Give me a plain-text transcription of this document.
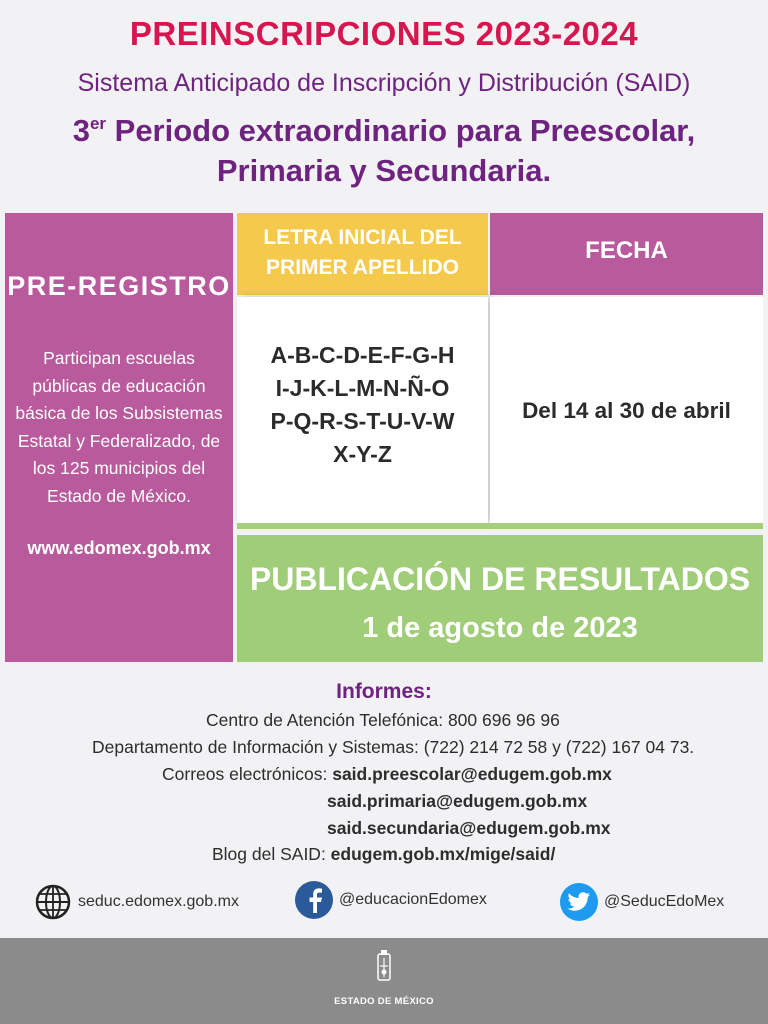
PREINSCRIPCIONES 2023-2024
Sistema Anticipado de Inscripción y Distribución (SAID)
3er Periodo extraordinario para Preescolar,
Primaria y Secundaria.
PRE-REGISTRO
Participan escuelas
públicas de educación
básica de los Subsistemas
Estatal y Federalizado, de
los 125 municipios del
Estado de México.
www.edomex.gob.mx
LETRA INICIAL DEL
PRIMER APELLIDO
FECHA
A-B-C-D-E-F-G-H
I-J-K-L-M-N-Ñ-O
P-Q-R-S-T-U-V-W
X-Y-Z
Del 14 al 30 de abril
PUBLICACIÓN DE RESULTADOS
1 de agosto de 2023
Informes:
Centro de Atención Telefónica: 800 696 96 96
Departamento de Información y Sistemas: (722) 214 72 58 y (722) 167 04 73.
Correos electrónicos: said.preescolar@edugem.gob.mx
said.primaria@edugem.gob.mx
said.secundaria@edugem.gob.mx
Blog del SAID: edugem.gob.mx/mige/said/
seduc.edomex.gob.mx	@educacionEdomex	@SeducEdoMex
ESTADO DE MÉXICO
